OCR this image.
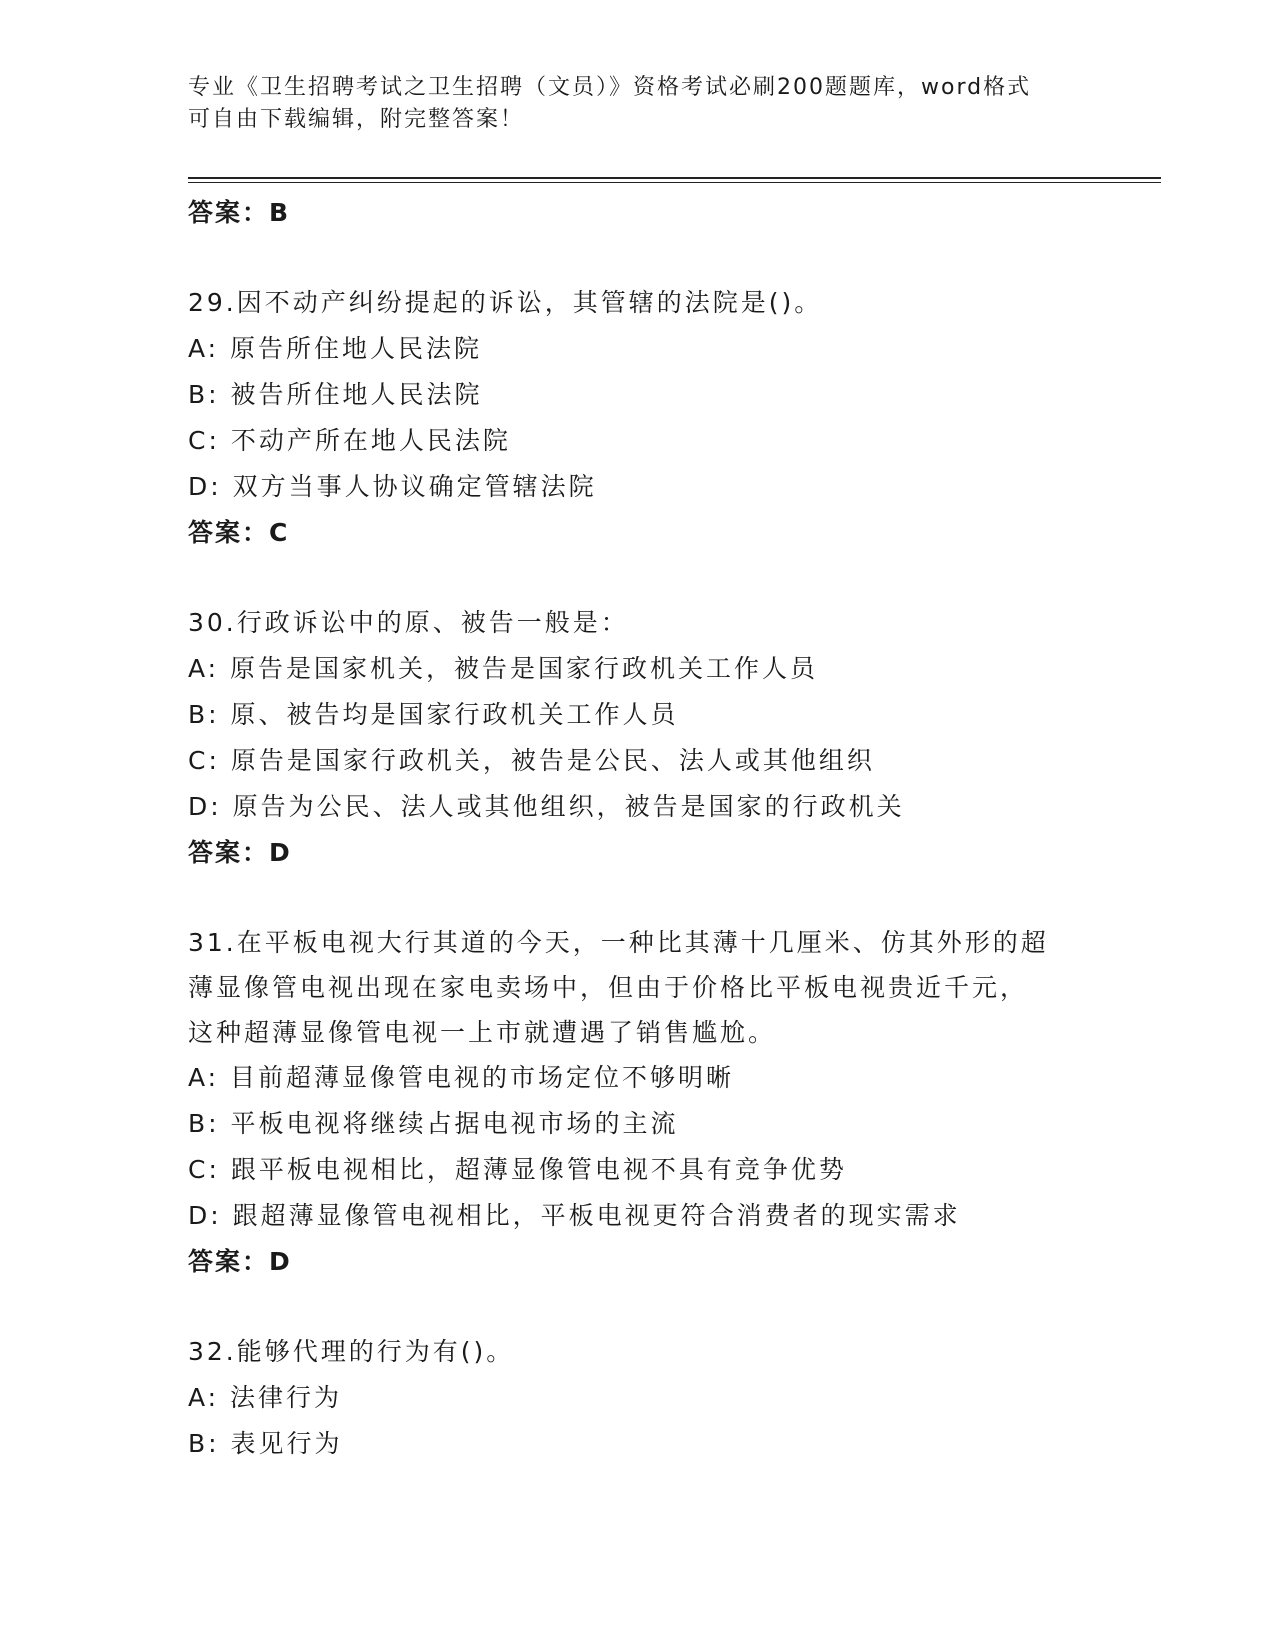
专业《卫生招聘考试之卫生招聘（文员）》资格考试必刷200题题库，word格式
可自由下载编辑，附完整答案！
答案：B
29.因不动产纠纷提起的诉讼，其管辖的法院是()。
A: 原告所住地人民法院
B: 被告所住地人民法院
C: 不动产所在地人民法院
D: 双方当事人协议确定管辖法院
答案：C
30.行政诉讼中的原、被告一般是：
A: 原告是国家机关，被告是国家行政机关工作人员
B: 原、被告均是国家行政机关工作人员
C: 原告是国家行政机关，被告是公民、法人或其他组织
D: 原告为公民、法人或其他组织，被告是国家的行政机关
答案：D
31.在平板电视大行其道的今天，一种比其薄十几厘米、仿其外形的超
薄显像管电视出现在家电卖场中，但由于价格比平板电视贵近千元，
这种超薄显像管电视一上市就遭遇了销售尴尬。
A: 目前超薄显像管电视的市场定位不够明晰
B: 平板电视将继续占据电视市场的主流
C: 跟平板电视相比，超薄显像管电视不具有竞争优势
D: 跟超薄显像管电视相比，平板电视更符合消费者的现实需求
答案：D
32.能够代理的行为有()。
A: 法律行为
B: 表见行为
